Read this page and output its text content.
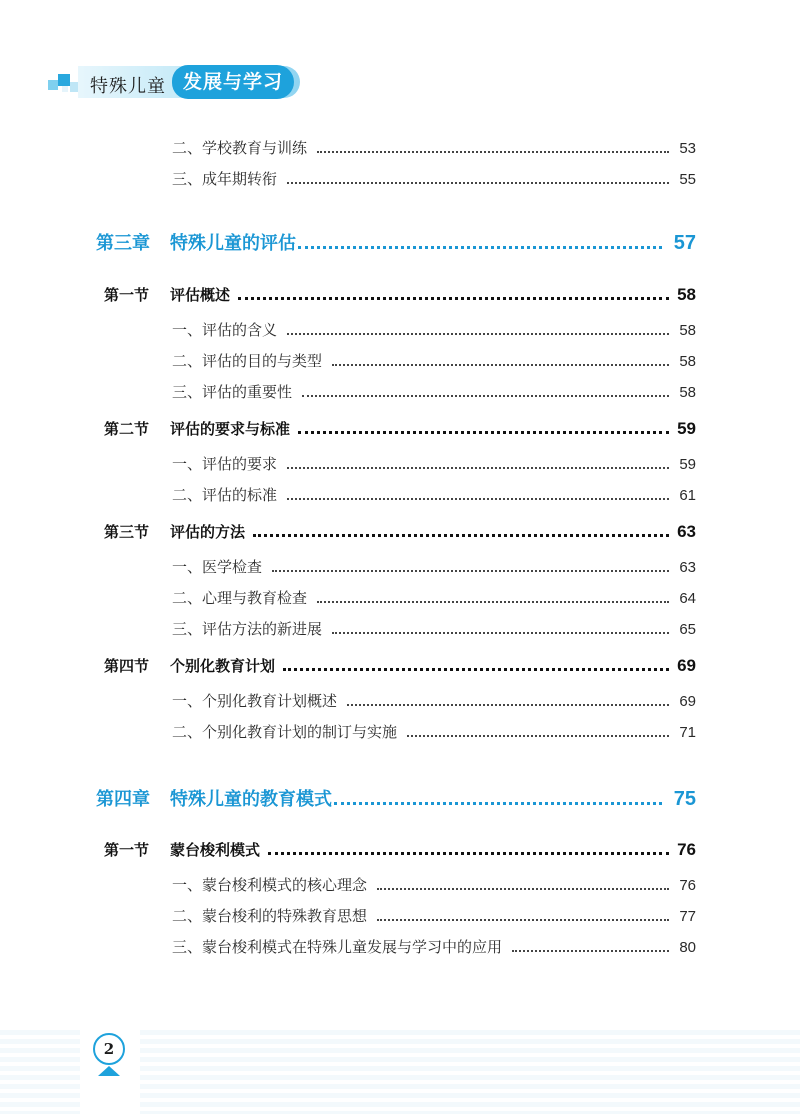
特殊儿童 发展与学习
二、学校教育与训练	53
三、成年期转衔	55
第三章 特殊儿童的评估	57
第一节 评估概述	58
一、评估的含义	58
二、评估的目的与类型	58
三、评估的重要性	58
第二节 评估的要求与标准	59
一、评估的要求	59
二、评估的标准	61
第三节 评估的方法	63
一、医学检查	63
二、心理与教育检查	64
三、评估方法的新进展	65
第四节 个别化教育计划	69
一、个别化教育计划概述	69
二、个别化教育计划的制订与实施	71
第四章 特殊儿童的教育模式	75
第一节 蒙台梭利模式	76
一、蒙台梭利模式的核心理念	76
二、蒙台梭利的特殊教育思想	77
三、蒙台梭利模式在特殊儿童发展与学习中的应用	80
2
